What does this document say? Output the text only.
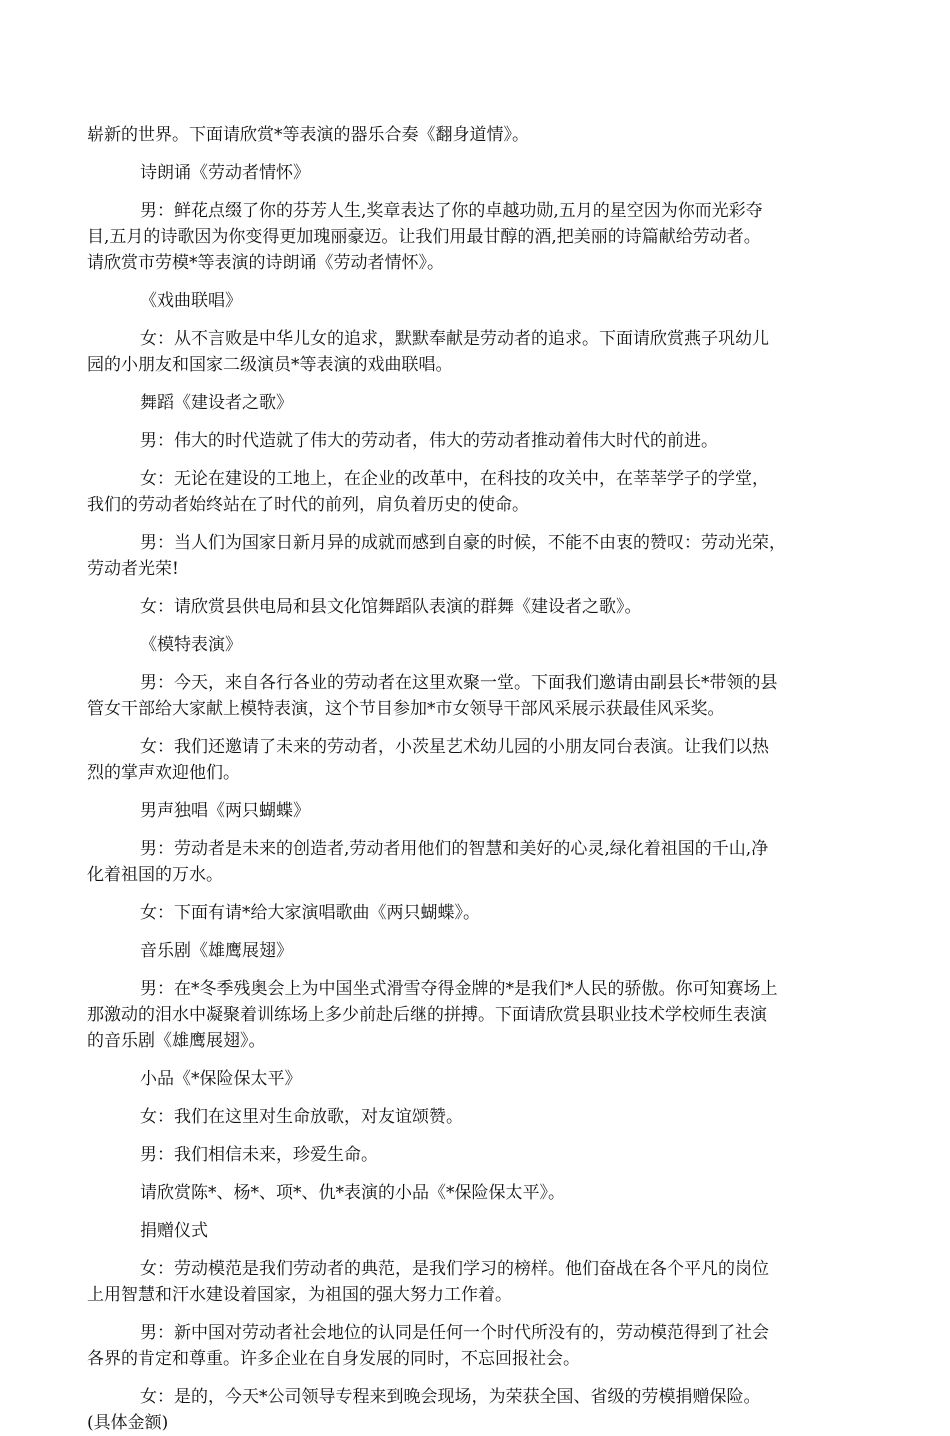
崭新的世界。下面请欣赏*等表演的器乐合奏《翻身道情》。
诗朗诵《劳动者情怀》
男：鲜花点缀了你的芬芳人生,奖章表达了你的卓越功勋,五月的星空因为你而光彩夺
目,五月的诗歌因为你变得更加瑰丽豪迈。让我们用最甘醇的酒,把美丽的诗篇献给劳动者。
请欣赏市劳模*等表演的诗朗诵《劳动者情怀》。
《戏曲联唱》
女：从不言败是中华儿女的追求，默默奉献是劳动者的追求。下面请欣赏燕子巩幼儿
园的小朋友和国家二级演员*等表演的戏曲联唱。
舞蹈《建设者之歌》
男：伟大的时代造就了伟大的劳动者，伟大的劳动者推动着伟大时代的前进。
女：无论在建设的工地上，在企业的改革中，在科技的攻关中，在莘莘学子的学堂，
我们的劳动者始终站在了时代的前列，肩负着历史的使命。
男：当人们为国家日新月异的成就而感到自豪的时候，不能不由衷的赞叹：劳动光荣，
劳动者光荣!
女：请欣赏县供电局和县文化馆舞蹈队表演的群舞《建设者之歌》。
《模特表演》
男：今天，来自各行各业的劳动者在这里欢聚一堂。下面我们邀请由副县长*带领的县
管女干部给大家献上模特表演，这个节目参加*市女领导干部风采展示获最佳风采奖。
女：我们还邀请了未来的劳动者，小茨星艺术幼儿园的小朋友同台表演。让我们以热
烈的掌声欢迎他们。
男声独唱《两只蝴蝶》
男：劳动者是未来的创造者,劳动者用他们的智慧和美好的心灵,绿化着祖国的千山,净
化着祖国的万水。
女：下面有请*给大家演唱歌曲《两只蝴蝶》。
音乐剧《雄鹰展翅》
男：在*冬季残奥会上为中国坐式滑雪夺得金牌的*是我们*人民的骄傲。你可知赛场上
那激动的泪水中凝聚着训练场上多少前赴后继的拼搏。下面请欣赏县职业技术学校师生表演
的音乐剧《雄鹰展翅》。
小品《*保险保太平》
女：我们在这里对生命放歌，对友谊颂赞。
男：我们相信未来，珍爱生命。
请欣赏陈*、杨*、项*、仇*表演的小品《*保险保太平》。
捐赠仪式
女：劳动模范是我们劳动者的典范，是我们学习的榜样。他们奋战在各个平凡的岗位
上用智慧和汗水建设着国家，为祖国的强大努力工作着。
男：新中国对劳动者社会地位的认同是任何一个时代所没有的，劳动模范得到了社会
各界的肯定和尊重。许多企业在自身发展的同时，不忘回报社会。
女：是的，今天*公司领导专程来到晚会现场，为荣获全国、省级的劳模捐赠保险。
(具体金额)
